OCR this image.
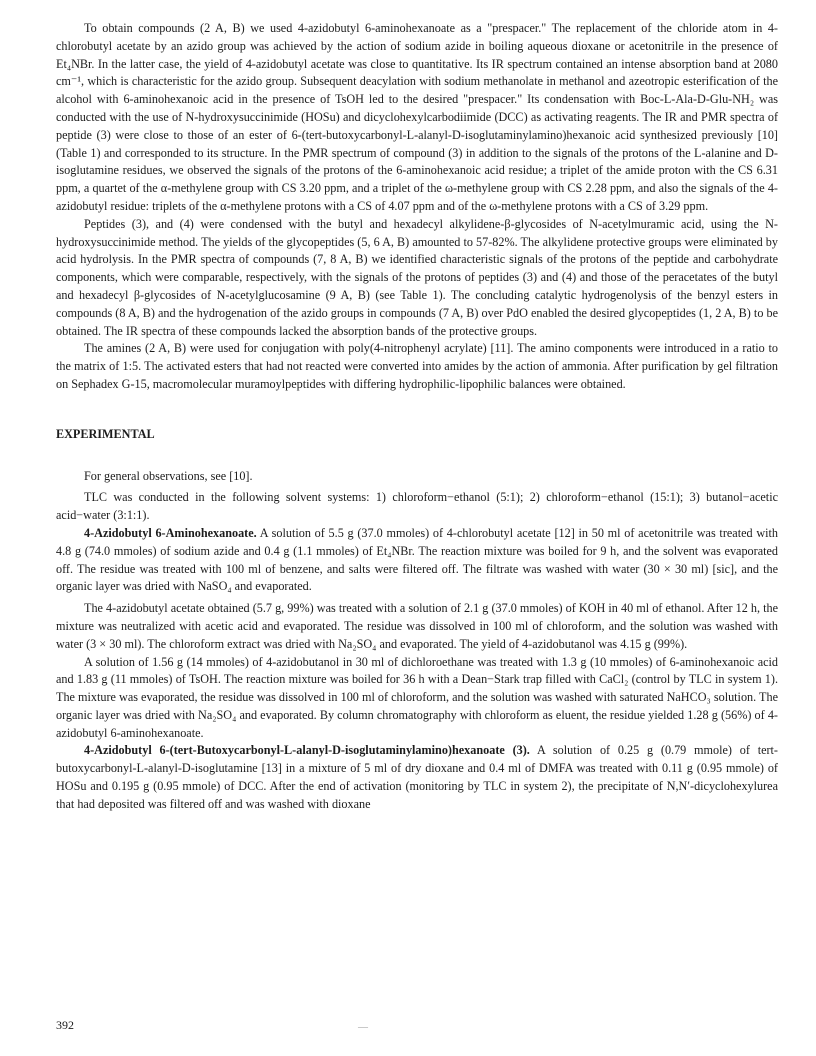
To obtain compounds (2 A, B) we used 4-azidobutyl 6-aminohexanoate as a "prespacer." The replacement of the chloride atom in 4-chlorobutyl acetate by an azido group was achieved by the action of sodium azide in boiling aqueous dioxane or acetonitrile in the presence of Et₄NBr. In the latter case, the yield of 4-azidobutyl acetate was close to quantitative. Its IR spectrum contained an intense absorption band at 2080 cm⁻¹, which is characteristic for the azido group. Subsequent deacylation with sodium methanolate in methanol and azeotropic esterification of the alcohol with 6-aminohexanoic acid in the presence of TsOH led to the desired "prespacer." Its condensation with Boc-L-Ala-D-Glu-NH₂ was conducted with the use of N-hydroxysuccinimide (HOSu) and dicyclohexylcarbodiimide (DCC) as activating reagents. The IR and PMR spectra of peptide (3) were close to those of an ester of 6-(tert-butoxycarbonyl-L-alanyl-D-isoglutaminylamino)hexanoic acid synthesized previously [10] (Table 1) and corresponded to its structure. In the PMR spectrum of compound (3) in addition to the signals of the protons of the L-alanine and D-isoglutamine residues, we observed the signals of the protons of the 6-aminohexanoic acid residue; a triplet of the amide proton with the CS 6.31 ppm, a quartet of the α-methylene group with CS 3.20 ppm, and a triplet of the ω-methylene group with CS 2.28 ppm, and also the signals of the 4-azidobutyl residue: triplets of the α-methylene protons with a CS of 4.07 ppm and of the ω-methylene protons with a CS of 3.29 ppm.

Peptides (3), and (4) were condensed with the butyl and hexadecyl alkylidene-β-glycosides of N-acetylmuramic acid, using the N-hydroxysuccinimide method. The yields of the glycopeptides (5, 6 A, B) amounted to 57-82%. The alkylidene protective groups were eliminated by acid hydrolysis. In the PMR spectra of compounds (7, 8 A, B) we identified characteristic signals of the protons of the peptide and carbohydrate components, which were comparable, respectively, with the signals of the protons of peptides (3) and (4) and those of the peracetates of the butyl and hexadecyl β-glycosides of N-acetylglucosamine (9 A, B) (see Table 1). The concluding catalytic hydrogenolysis of the benzyl esters in compounds (8 A, B) and the hydrogenation of the azido groups in compounds (7 A, B) over PdO enabled the desired glycopeptides (1, 2 A, B) to be obtained. The IR spectra of these compounds lacked the absorption bands of the protective groups.

The amines (2 A, B) were used for conjugation with poly(4-nitrophenyl acrylate) [11]. The amino components were introduced in a ratio to the matrix of 1:5. The activated esters that had not reacted were converted into amides by the action of ammonia. After purification by gel filtration on Sephadex G-15, macromolecular muramoylpeptides with differing hydrophilic-lipophilic balances were obtained.

EXPERIMENTAL

For general observations, see [10].

TLC was conducted in the following solvent systems: 1) chloroform−ethanol (5:1); 2) chloroform−ethanol (15:1); 3) butanol−acetic acid−water (3:1:1).

4-Azidobutyl 6-Aminohexanoate. A solution of 5.5 g (37.0 mmoles) of 4-chlorobutyl acetate [12] in 50 ml of acetonitrile was treated with 4.8 g (74.0 mmoles) of sodium azide and 0.4 g (1.1 mmoles) of Et₄NBr. The reaction mixture was boiled for 9 h, and the solvent was evaporated off. The residue was treated with 100 ml of benzene, and salts were filtered off. The filtrate was washed with water (30 × 30 ml) [sic], and the organic layer was dried with NaSO₄ and evaporated.

The 4-azidobutyl acetate obtained (5.7 g, 99%) was treated with a solution of 2.1 g (37.0 mmoles) of KOH in 40 ml of ethanol. After 12 h, the mixture was neutralized with acetic acid and evaporated. The residue was dissolved in 100 ml of chloroform, and the solution was washed with water (3 × 30 ml). The chloroform extract was dried with Na₂SO₄ and evaporated. The yield of 4-azidobutanol was 4.15 g (99%).

A solution of 1.56 g (14 mmoles) of 4-azidobutanol in 30 ml of dichloroethane was treated with 1.3 g (10 mmoles) of 6-aminohexanoic acid and 1.83 g (11 mmoles) of TsOH. The reaction mixture was boiled for 36 h with a Dean−Stark trap filled with CaCl₂ (control by TLC in system 1). The mixture was evaporated, the residue was dissolved in 100 ml of chloroform, and the solution was washed with saturated NaHCO₃ solution. The organic layer was dried with Na₂SO₄ and evaporated. By column chromatography with chloroform as eluent, the residue yielded 1.28 g (56%) of 4-azidobutyl 6-aminohexanoate.

4-Azidobutyl 6-(tert-Butoxycarbonyl-L-alanyl-D-isoglutaminylamino)hexanoate (3). A solution of 0.25 g (0.79 mmole) of tert-butoxycarbonyl-L-alanyl-D-isoglutamine [13] in a mixture of 5 ml of dry dioxane and 0.4 ml of DMFA was treated with 0.11 g (0.95 mmole) of HOSu and 0.195 g (0.95 mmole) of DCC. After the end of activation (monitoring by TLC in system 2), the precipitate of N,N′-dicyclohexylurea that had deposited was filtered off and was washed with dioxane

392	—
